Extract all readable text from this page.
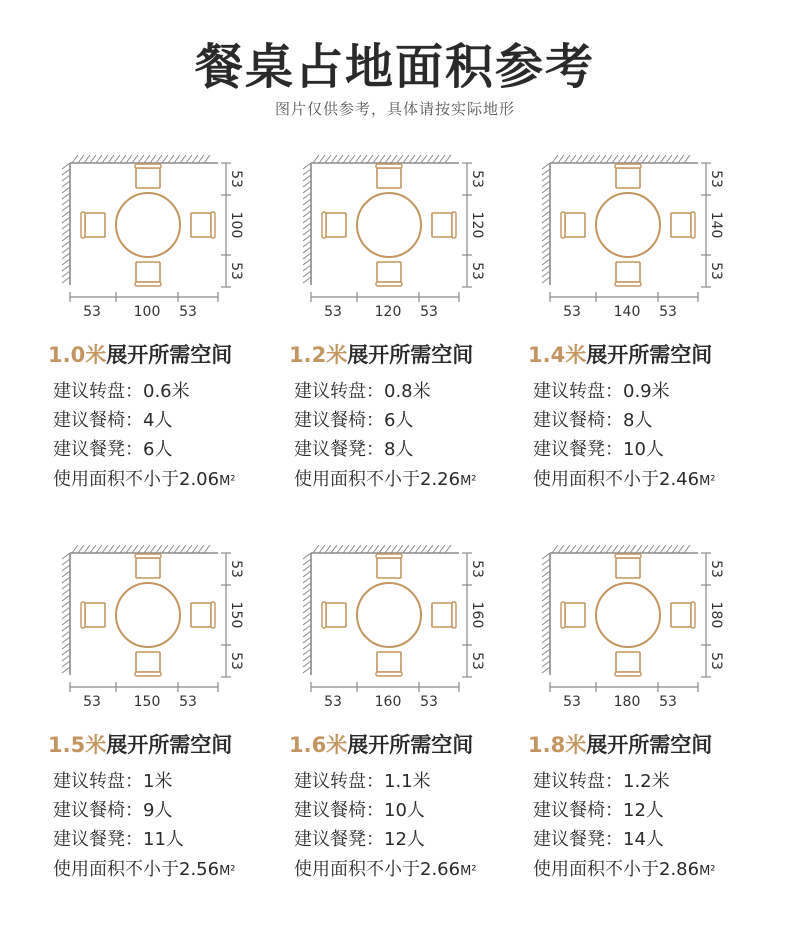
餐桌占地面积参考
图片仅供参考，具体请按实际地形
53
100
53
53 100 53
1.0米展开所需空间
建议转盘：0.6米
建议餐椅：4人
建议餐凳：6人
使用面积不小于2.06M²
53
120
53
53 120 53
1.2米展开所需空间
建议转盘：0.8米
建议餐椅：6人
建议餐凳：8人
使用面积不小于2.26M²
53
140
53
53 140 53
1.4米展开所需空间
建议转盘：0.9米
建议餐椅：8人
建议餐凳：10人
使用面积不小于2.46M²
53
150
53
53 150 53
1.5米展开所需空间
建议转盘：1米
建议餐椅：9人
建议餐凳：11人
使用面积不小于2.56M²
53
160
53
53 160 53
1.6米展开所需空间
建议转盘：1.1米
建议餐椅：10人
建议餐凳：12人
使用面积不小于2.66M²
53
180
53
53 180 53
1.8米展开所需空间
建议转盘：1.2米
建议餐椅：12人
建议餐凳：14人
使用面积不小于2.86M²
